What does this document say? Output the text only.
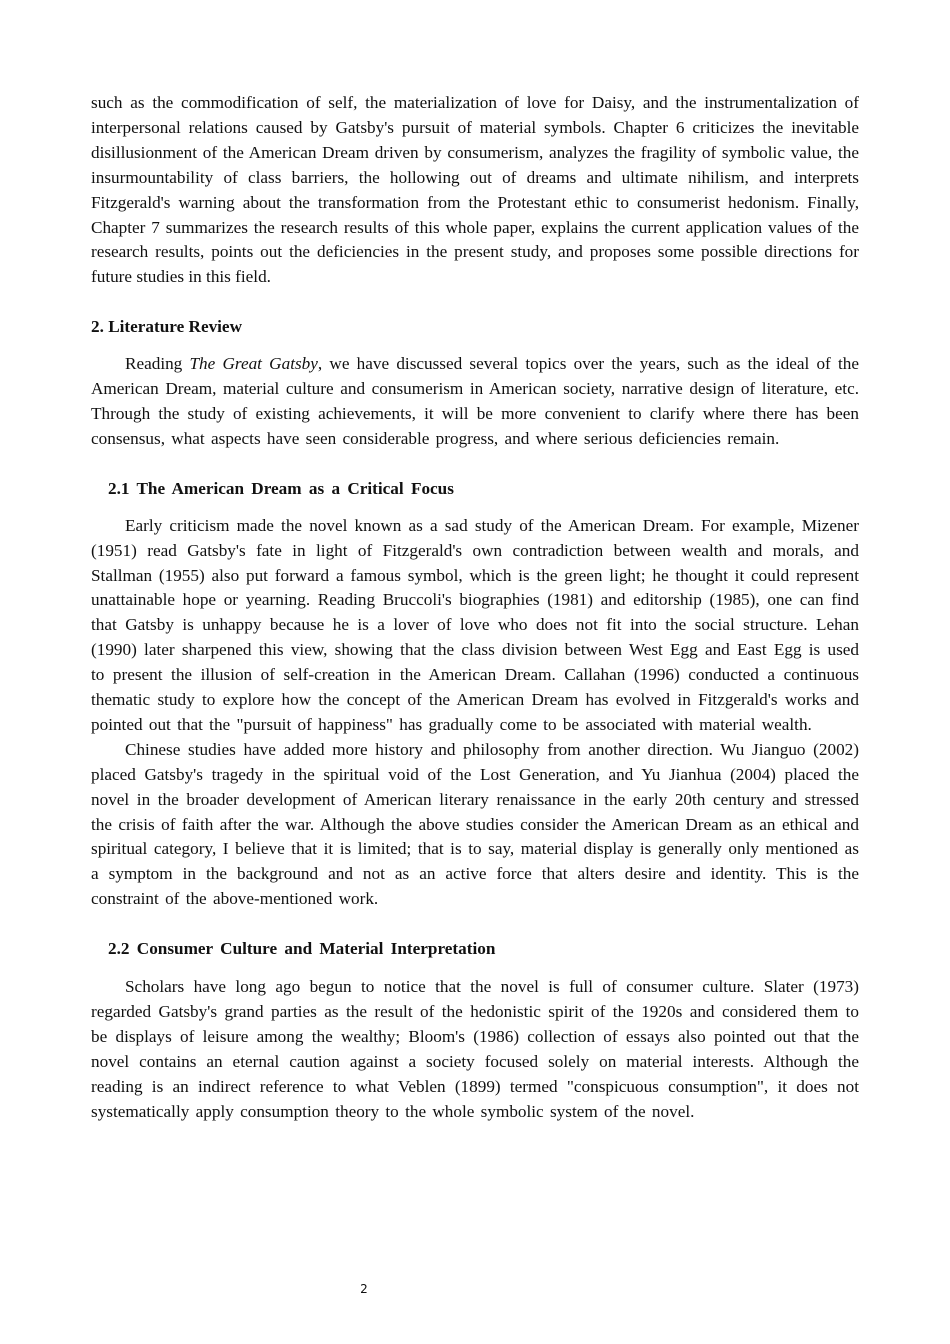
such as the commodification of self, the materialization of love for Daisy, and the instrumentalization of interpersonal relations caused by Gatsby's pursuit of material symbols. Chapter 6 criticizes the inevitable disillusionment of the American Dream driven by consumerism, analyzes the fragility of symbolic value, the insurmountability of class barriers, the hollowing out of dreams and ultimate nihilism, and interprets Fitzgerald's warning about the transformation from the Protestant ethic to consumerist hedonism. Finally, Chapter 7 summarizes the research results of this whole paper, explains the current application values of the research results, points out the deficiencies in the present study, and proposes some possible directions for future studies in this field.

2. Literature Review

Reading The Great Gatsby, we have discussed several topics over the years, such as the ideal of the American Dream, material culture and consumerism in American society, narrative design of literature, etc. Through the study of existing achievements, it will be more convenient to clarify where there has been consensus, what aspects have seen considerable progress, and where serious deficiencies remain.

2.1 The American Dream as a Critical Focus

Early criticism made the novel known as a sad study of the American Dream. For example, Mizener (1951) read Gatsby's fate in light of Fitzgerald's own contradiction between wealth and morals, and Stallman (1955) also put forward a famous symbol, which is the green light; he thought it could represent unattainable hope or yearning. Reading Bruccoli's biographies (1981) and editorship (1985), one can find that Gatsby is unhappy because he is a lover of love who does not fit into the social structure. Lehan (1990) later sharpened this view, showing that the class division between West Egg and East Egg is used to present the illusion of self-creation in the American Dream. Callahan (1996) conducted a continuous thematic study to explore how the concept of the American Dream has evolved in Fitzgerald's works and pointed out that the "pursuit of happiness" has gradually come to be associated with material wealth.

Chinese studies have added more history and philosophy from another direction. Wu Jianguo (2002) placed Gatsby's tragedy in the spiritual void of the Lost Generation, and Yu Jianhua (2004) placed the novel in the broader development of American literary renaissance in the early 20th century and stressed the crisis of faith after the war. Although the above studies consider the American Dream as an ethical and spiritual category, I believe that it is limited; that is to say, material display is generally only mentioned as a symptom in the background and not as an active force that alters desire and identity. This is the constraint of the above-mentioned work.

2.2 Consumer Culture and Material Interpretation

Scholars have long ago begun to notice that the novel is full of consumer culture. Slater (1973) regarded Gatsby's grand parties as the result of the hedonistic spirit of the 1920s and considered them to be displays of leisure among the wealthy; Bloom's (1986) collection of essays also pointed out that the novel contains an eternal caution against a society focused solely on material interests. Although the reading is an indirect reference to what Veblen (1899) termed "conspicuous consumption", it does not systematically apply consumption theory to the whole symbolic system of the novel.

2
